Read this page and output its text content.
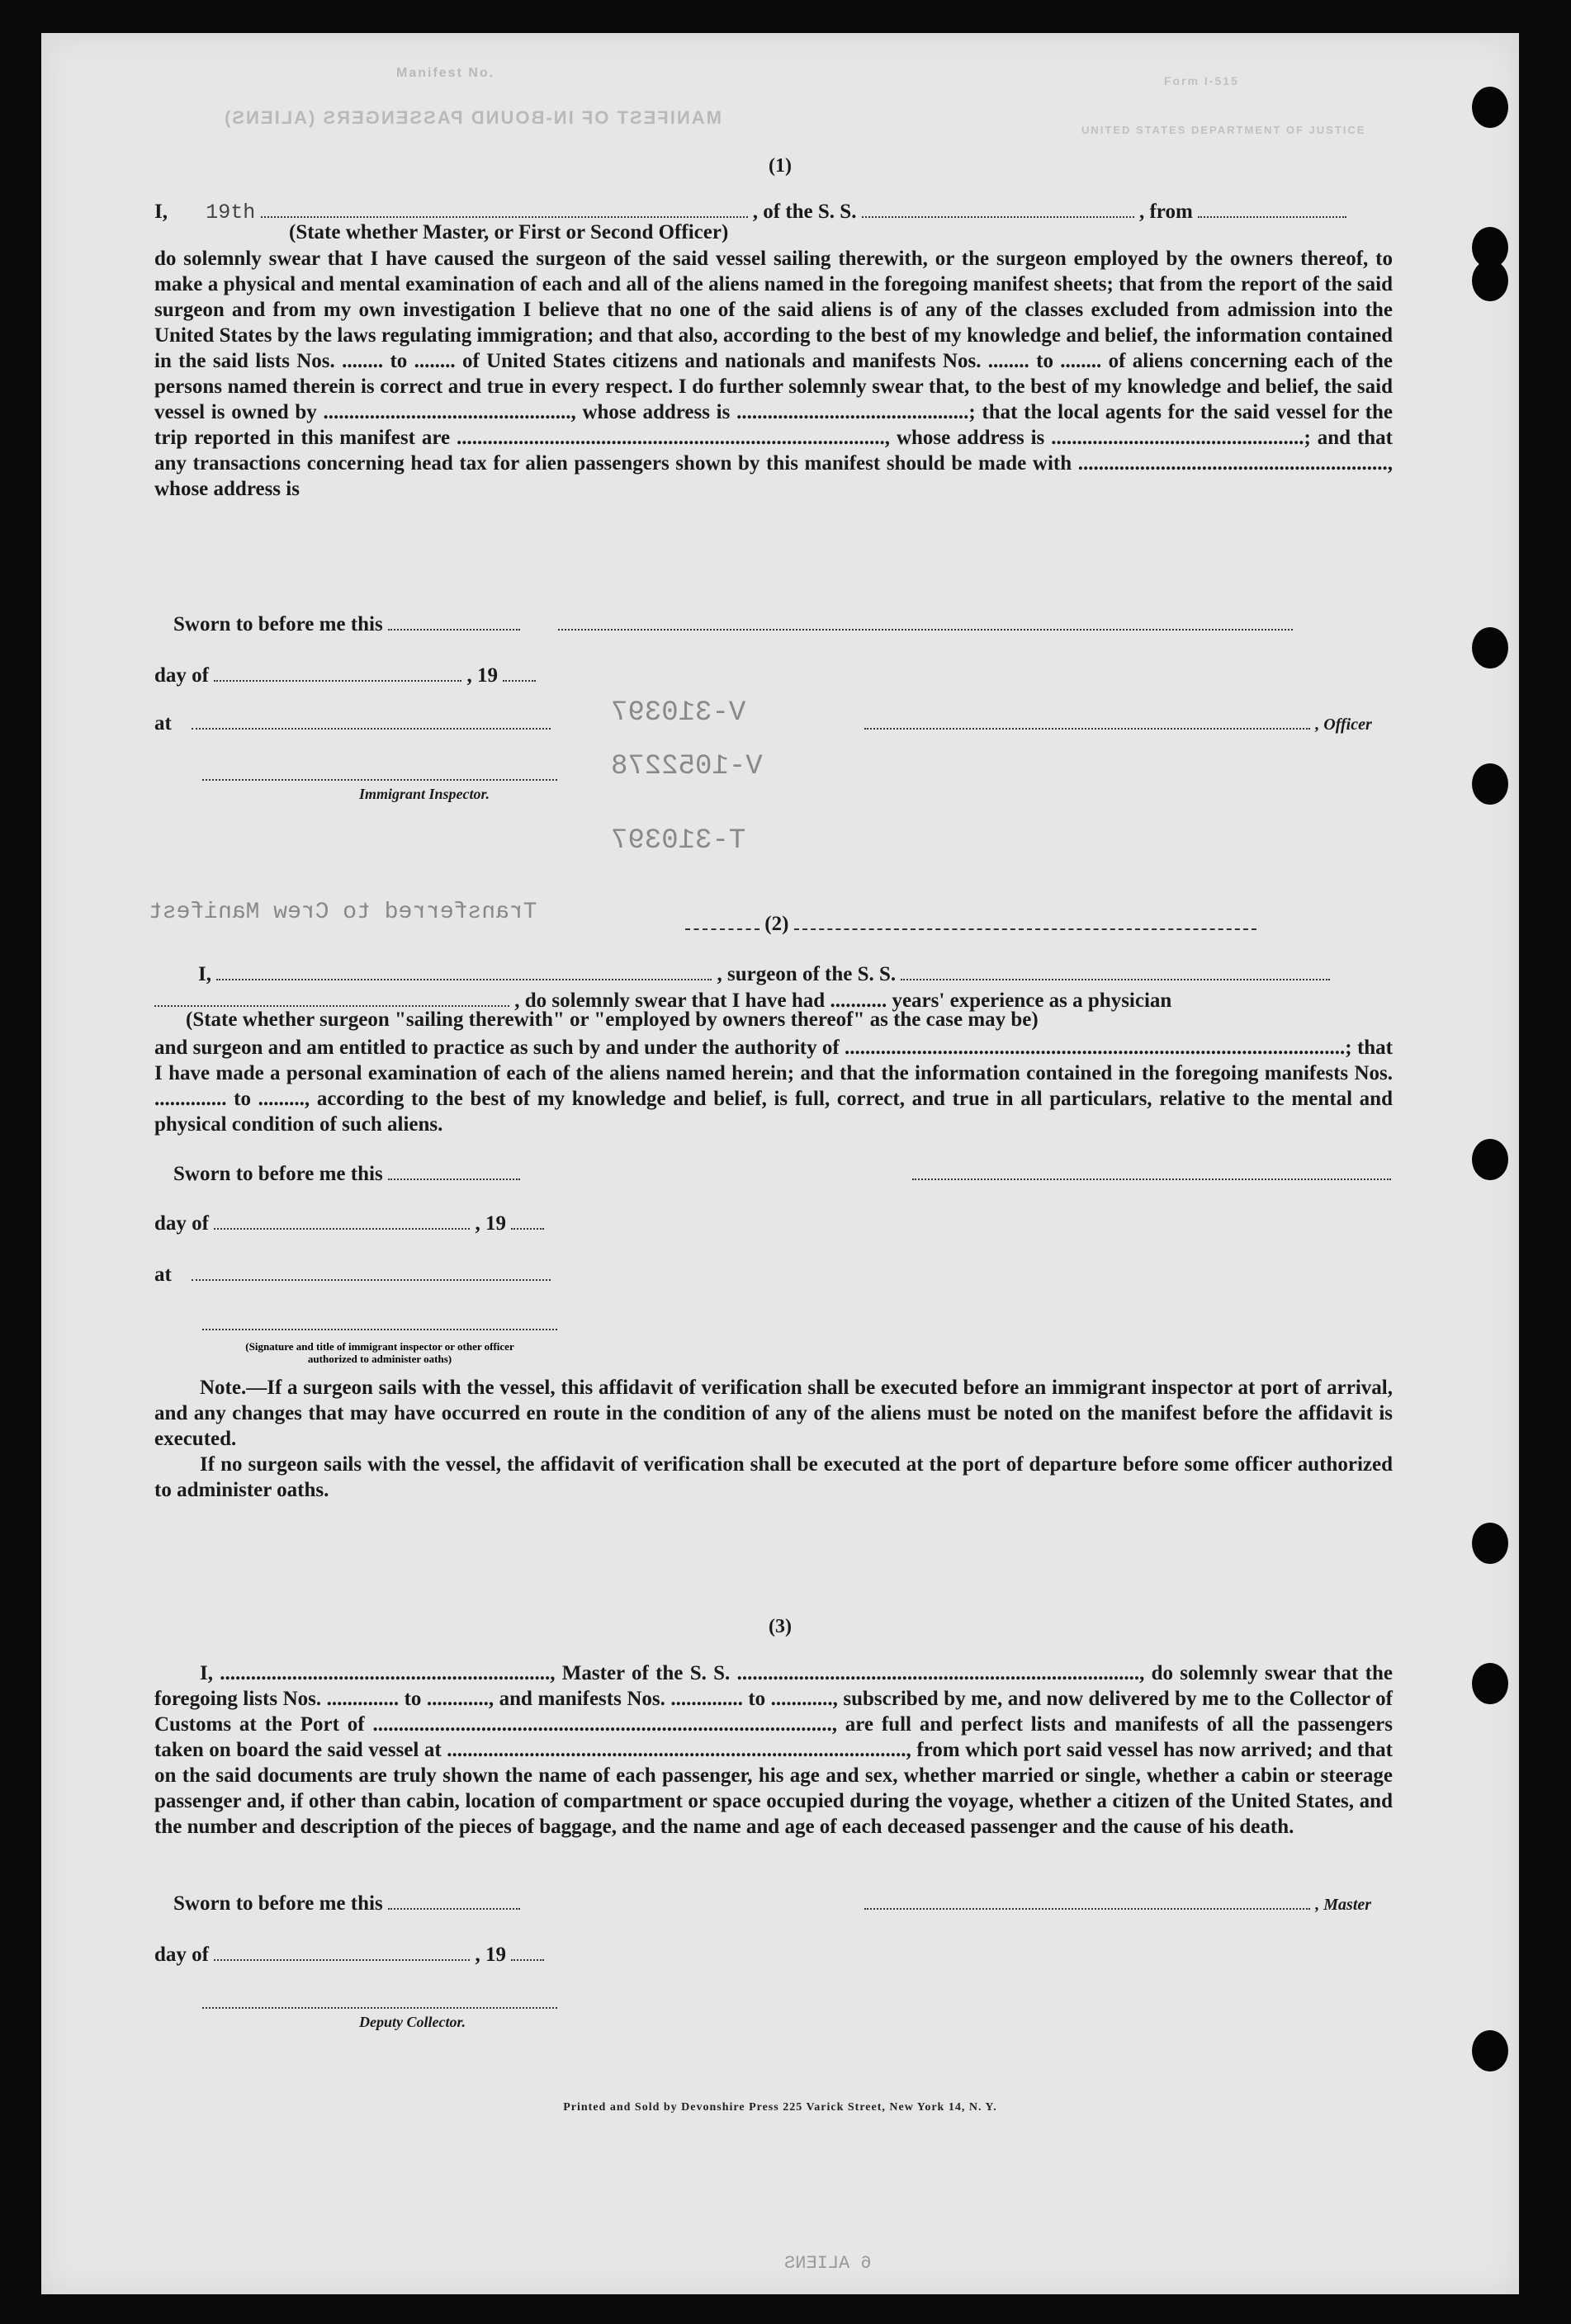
MANIFEST OF IN-BOUND PASSENGERS (ALIENS)
Manifest No.
UNITED STATES DEPARTMENT OF JUSTICE
Form I-515
(1)
I, 19th	, of the S. S.	, from
(State whether Master, or First or Second Officer)
do solemnly swear that I have caused the surgeon of the said vessel sailing therewith, or the surgeon employed by the owners thereof, to make a physical and mental examination of each and all of the aliens named in the foregoing manifest sheets; that from the report of the said surgeon and from my own investigation I believe that no one of the said aliens is of any of the classes excluded from admission into the United States by the laws regulating immigration; and that also, according to the best of my knowledge and belief, the information contained in the said lists Nos. ........ to ........ of United States citizens and nationals and manifests Nos. ........ to ........ of aliens concerning each of the persons named therein is correct and true in every respect. I do further solemnly swear that, to the best of my knowledge and belief, the said vessel is owned by ................................................, whose address is .............................................; that the local agents for the said vessel for the trip reported in this manifest are ..................................................................................., whose address is .................................................; and that any transactions concerning head tax for alien passengers shown by this manifest should be made with ............................................................, whose address is
Sworn to before me this
day of	, 19
at	, Officer
Immigrant Inspector.
V-310397
V-1052278
T-310397
Transferred to Crew Manifest	(2)
I,	, surgeon of the S. S.
, do solemnly swear that I have had ........... years' experience as a physician
(State whether surgeon "sailing therewith" or "employed by owners thereof" as the case may be)
and surgeon and am entitled to practice as such by and under the authority of .................................................................................................; that I have made a personal examination of each of the aliens named herein; and that the information contained in the foregoing manifests Nos. .............. to ........., according to the best of my knowledge and belief, is full, correct, and true in all particulars, relative to the mental and physical condition of such aliens.
Sworn to before me this
day of	, 19
at
(Signature and title of immigrant inspector or other officer authorized to administer oaths)
Note.—If a surgeon sails with the vessel, this affidavit of verification shall be executed before an immigrant inspector at port of arrival, and any changes that may have occurred en route in the condition of any of the aliens must be noted on the manifest before the affidavit is executed.
If no surgeon sails with the vessel, the affidavit of verification shall be executed at the port of departure before some officer authorized to administer oaths.
(3)
I, ................................................................, Master of the S. S. .............................................................................., do solemnly swear that the foregoing lists Nos. .............. to ............, and manifests Nos. .............. to ............, subscribed by me, and now delivered by me to the Collector of Customs at the Port of ........................................................................................., are full and perfect lists and manifests of all the passengers taken on board the said vessel at ........................................................................................., from which port said vessel has now arrived; and that on the said documents are truly shown the name of each passenger, his age and sex, whether married or single, whether a cabin or steerage passenger and, if other than cabin, location of compartment or space occupied during the voyage, whether a citizen of the United States, and the number and description of the pieces of baggage, and the name and age of each deceased passenger and the cause of his death.
Sworn to before me this	, Master
day of	, 19
Deputy Collector.
Printed and Sold by Devonshire Press 225 Varick Street, New York 14, N. Y.
6 ALIENS
